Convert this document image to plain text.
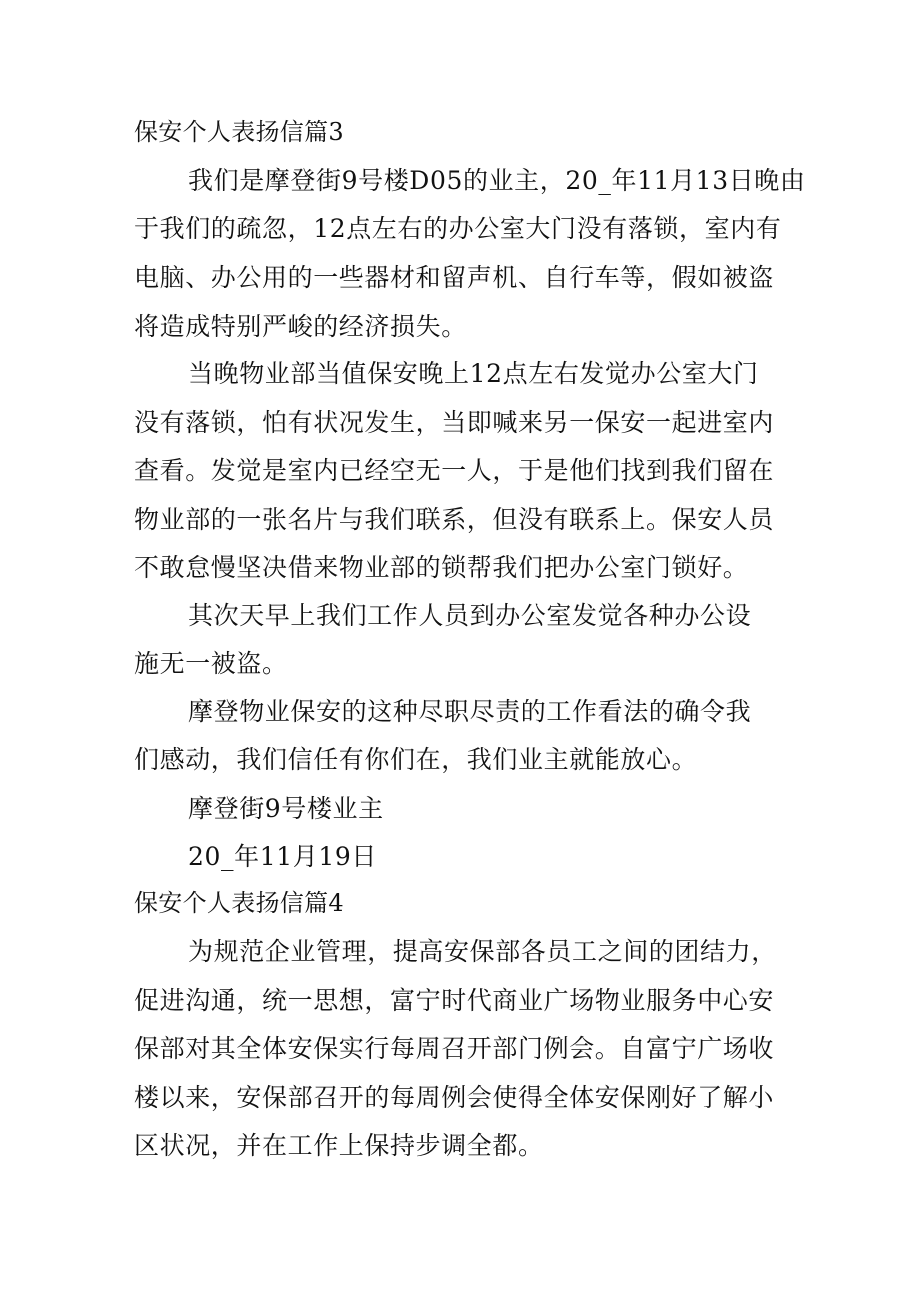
保安个人表扬信篇3
我们是摩登街9号楼D05的业主，20_年11月13日晚由
于我们的疏忽，12点左右的办公室大门没有落锁，室内有
电脑、办公用的一些器材和留声机、自行车等，假如被盗
将造成特别严峻的经济损失。
当晚物业部当值保安晚上12点左右发觉办公室大门
没有落锁，怕有状况发生，当即喊来另一保安一起进室内
查看。发觉是室内已经空无一人，于是他们找到我们留在
物业部的一张名片与我们联系，但没有联系上。保安人员
不敢怠慢坚决借来物业部的锁帮我们把办公室门锁好。
其次天早上我们工作人员到办公室发觉各种办公设
施无一被盗。
摩登物业保安的这种尽职尽责的工作看法的确令我
们感动，我们信任有你们在，我们业主就能放心。
摩登街9号楼业主
20_年11月19日
保安个人表扬信篇4
为规范企业管理，提高安保部各员工之间的团结力，
促进沟通，统一思想，富宁时代商业广场物业服务中心安
保部对其全体安保实行每周召开部门例会。自富宁广场收
楼以来，安保部召开的每周例会使得全体安保刚好了解小
区状况，并在工作上保持步调全都。
